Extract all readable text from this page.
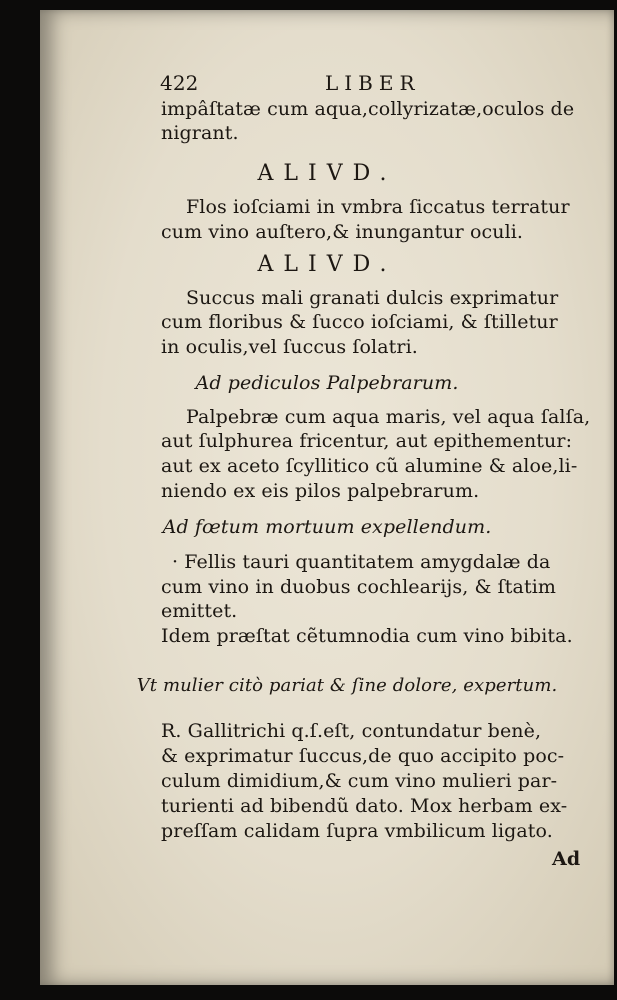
422	LIBER
impâſtatæ cum aqua,collyrizatæ,oculos de
nigrant.
ALIVD.
Flos ioſciami in vmbra ſiccatus terratur
cum vino auſtero,& inungantur oculi.
ALIVD.
Succus mali granati dulcis exprimatur
cum floribus & ſucco ioſciami, & ſtilletur
in oculis,vel ſuccus ſolatri.
Ad pediculos Palpebrarum.
Palpebræ cum aqua maris, vel aqua ſalſa,
aut ſulphurea fricentur, aut epithementur:
aut ex aceto ſcyllitico cũ alumine & aloe,li-
niendo ex eis pilos palpebrarum.
Ad fœtum mortuum expellendum.
· Fellis tauri quantitatem amygdalæ da
cum vino in duobus cochlearijs, & ſtatim
emittet.
Idem præſtat cẽtumnodia cum vino bibita.
Vt mulier citò pariat & ſine dolore, expertum.
R. Gallitrichi q.ſ.eſt, contundatur benè,
& exprimatur ſuccus,de quo accipito poc-
culum dimidium,& cum vino mulieri par-
turienti ad bibendũ dato. Mox herbam ex-
preſſam calidam ſupra vmbilicum ligato.
Ad
